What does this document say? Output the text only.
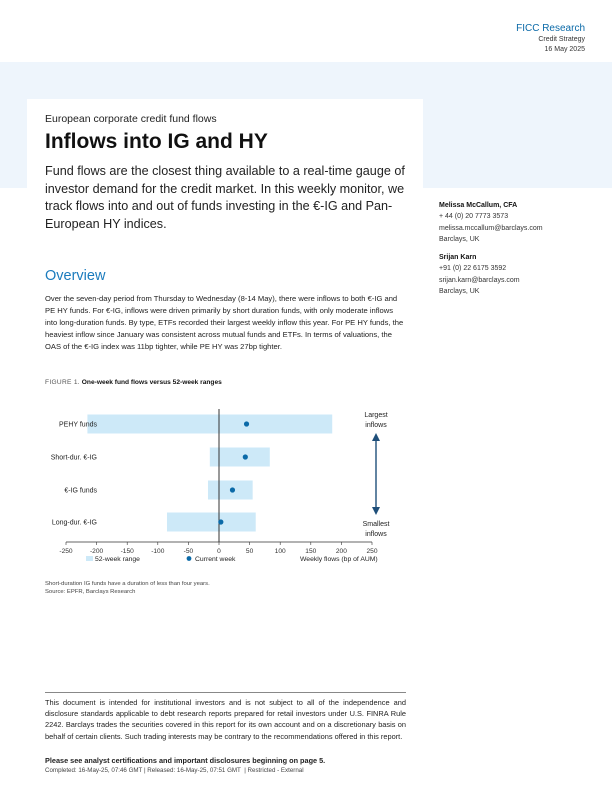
FICC Research
Credit Strategy
16 May 2025
European corporate credit fund flows
Inflows into IG and HY
Fund flows are the closest thing available to a real-time gauge of investor demand for the credit market. In this weekly monitor, we track flows into and out of funds investing in the €-IG and Pan-European HY indices.
Melissa McCallum, CFA
+ 44 (0) 20 7773 3573
melissa.mccallum@barclays.com
Barclays, UK
Srijan Karn
+91 (0) 22 6175 3592
srijan.karn@barclays.com
Barclays, UK
Overview
Over the seven-day period from Thursday to Wednesday (8-14 May), there were inflows to both €-IG and PE HY funds. For €-IG, inflows were driven primarily by short duration funds, with only moderate inflows into long-duration funds. By type, ETFs recorded their largest weekly inflow this year. For PE HY funds, the heaviest inflow since January was consistent across mutual funds and ETFs. In terms of valuations, the OAS of the €-IG index was 11bp tighter, while PE HY was 27bp tighter.
FIGURE 1. One-week fund flows versus 52-week ranges
PEHY funds
Short-dur. €-IG
€-IG funds
Long-dur. €-IG
-250	-200	-150	-100	-50	0	50	100	150	200	250
Largest
inflows
Smallest
inflows
52-week range	Current week	Weekly flows (bp of AUM)
Short-duration IG funds have a duration of less than four years.
Source: EPFR, Barclays Research
This document is intended for institutional investors and is not subject to all of the independence and disclosure standards applicable to debt research reports prepared for retail investors under U.S. FINRA Rule 2242. Barclays trades the securities covered in this report for its own account and on a discretionary basis on behalf of certain clients. Such trading interests may be contrary to the recommendations offered in this report.
Please see analyst certifications and important disclosures beginning on page 5.
Completed: 16-May-25, 07:46 GMT | Released: 16-May-25, 07:51 GMT  | Restricted - External
